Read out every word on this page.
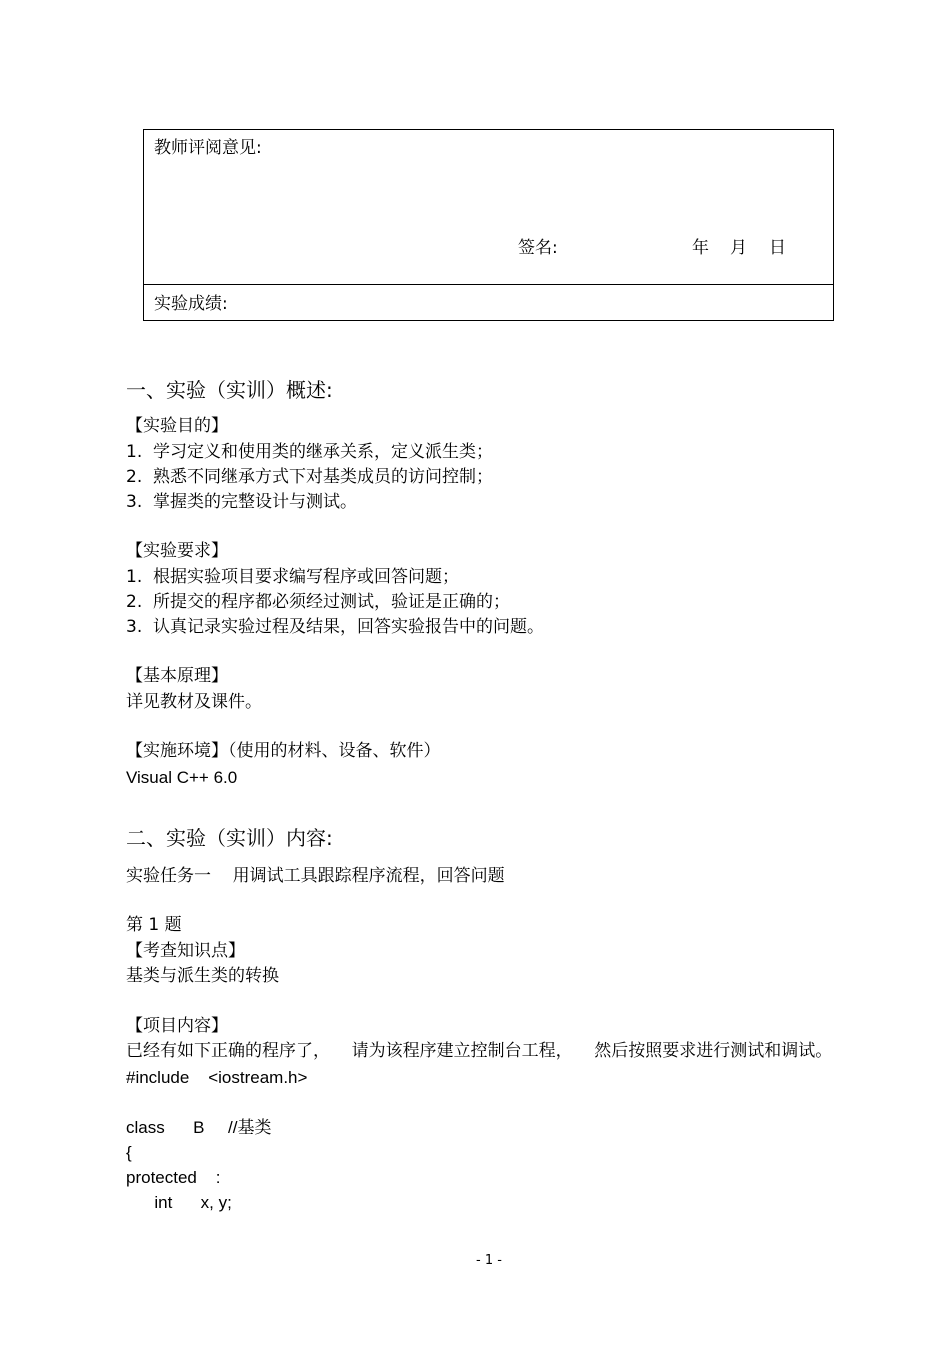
教师评阅意见:
签名:	年 月 日
实验成绩:
一、实验（实训）概述:
【实验目的】
1.  学习定义和使用类的继承关系，定义派生类；
2.  熟悉不同继承方式下对基类成员的访问控制；
3.  掌握类的完整设计与测试。
【实验要求】
1.  根据实验项目要求编写程序或回答问题；
2.  所提交的程序都必须经过测试，验证是正确的；
3.  认真记录实验过程及结果，回答实验报告中的问题。
【基本原理】
详见教材及课件。
【实施环境】（使用的材料、设备、软件）
Visual C++ 6.0
二、实验（实训）内容:
实验任务一    用调试工具跟踪程序流程，回答问题
第 1 题
【考查知识点】
基类与派生类的转换
【项目内容】
已经有如下正确的程序了，    请为该程序建立控制台工程，    然后按照要求进行测试和调试。
#include    <iostream.h>
class      B     //基类
{
protected    :
int      x, y;
- 1 -
